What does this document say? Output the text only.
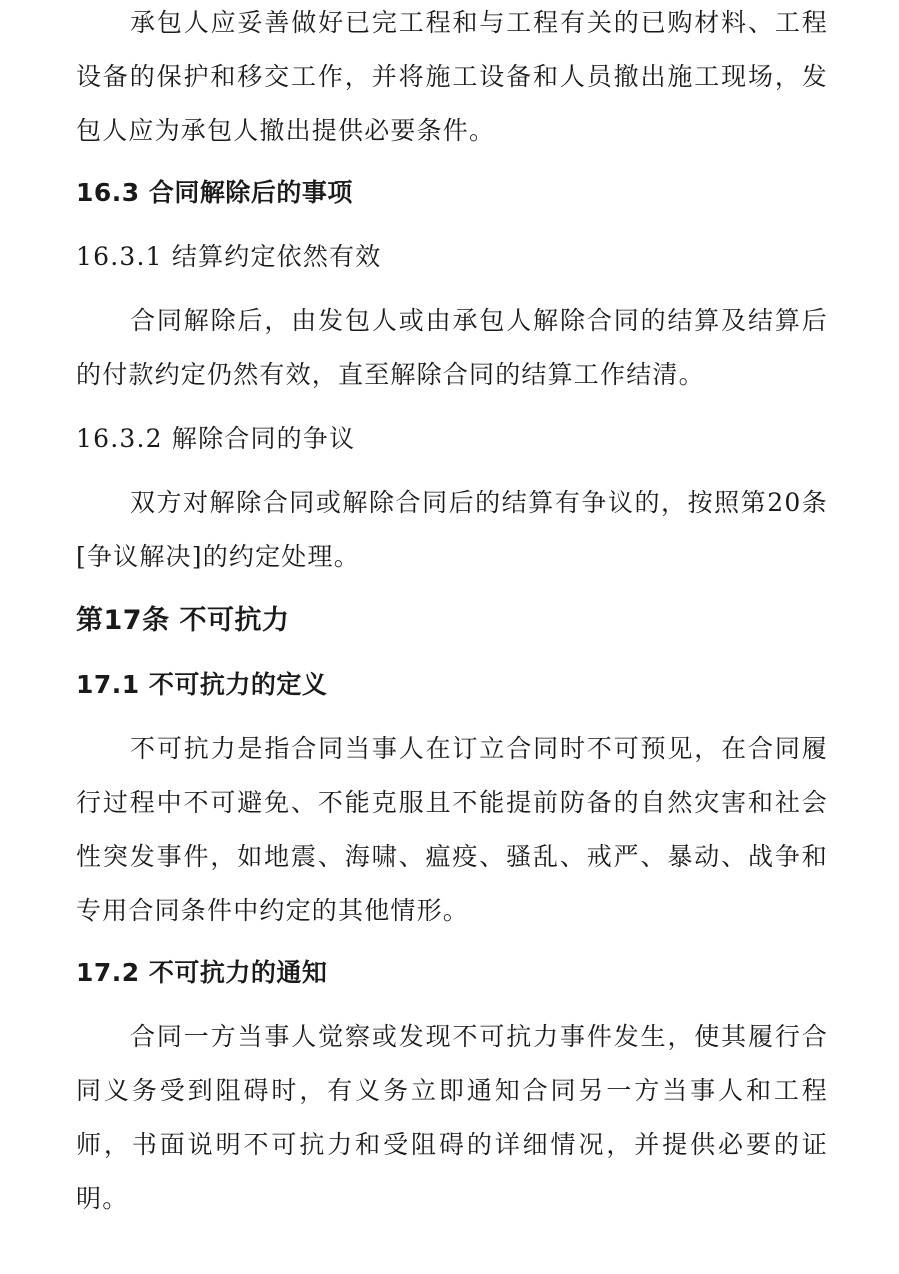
承包人应妥善做好已完工程和与工程有关的已购材料、工程设备的保护和移交工作，并将施工设备和人员撤出施工现场，发包人应为承包人撤出提供必要条件。

16.3 合同解除后的事项
16.3.1 结算约定依然有效

合同解除后，由发包人或由承包人解除合同的结算及结算后的付款约定仍然有效，直至解除合同的结算工作结清。

16.3.2 解除合同的争议

双方对解除合同或解除合同后的结算有争议的，按照第20条[争议解决]的约定处理。

第17条 不可抗力
17.1 不可抗力的定义

不可抗力是指合同当事人在订立合同时不可预见，在合同履行过程中不可避免、不能克服且不能提前防备的自然灾害和社会性突发事件，如地震、海啸、瘟疫、骚乱、戒严、暴动、战争和专用合同条件中约定的其他情形。

17.2 不可抗力的通知

合同一方当事人觉察或发现不可抗力事件发生，使其履行合同义务受到阻碍时，有义务立即通知合同另一方当事人和工程师，书面说明不可抗力和受阻碍的详细情况，并提供必要的证明。
